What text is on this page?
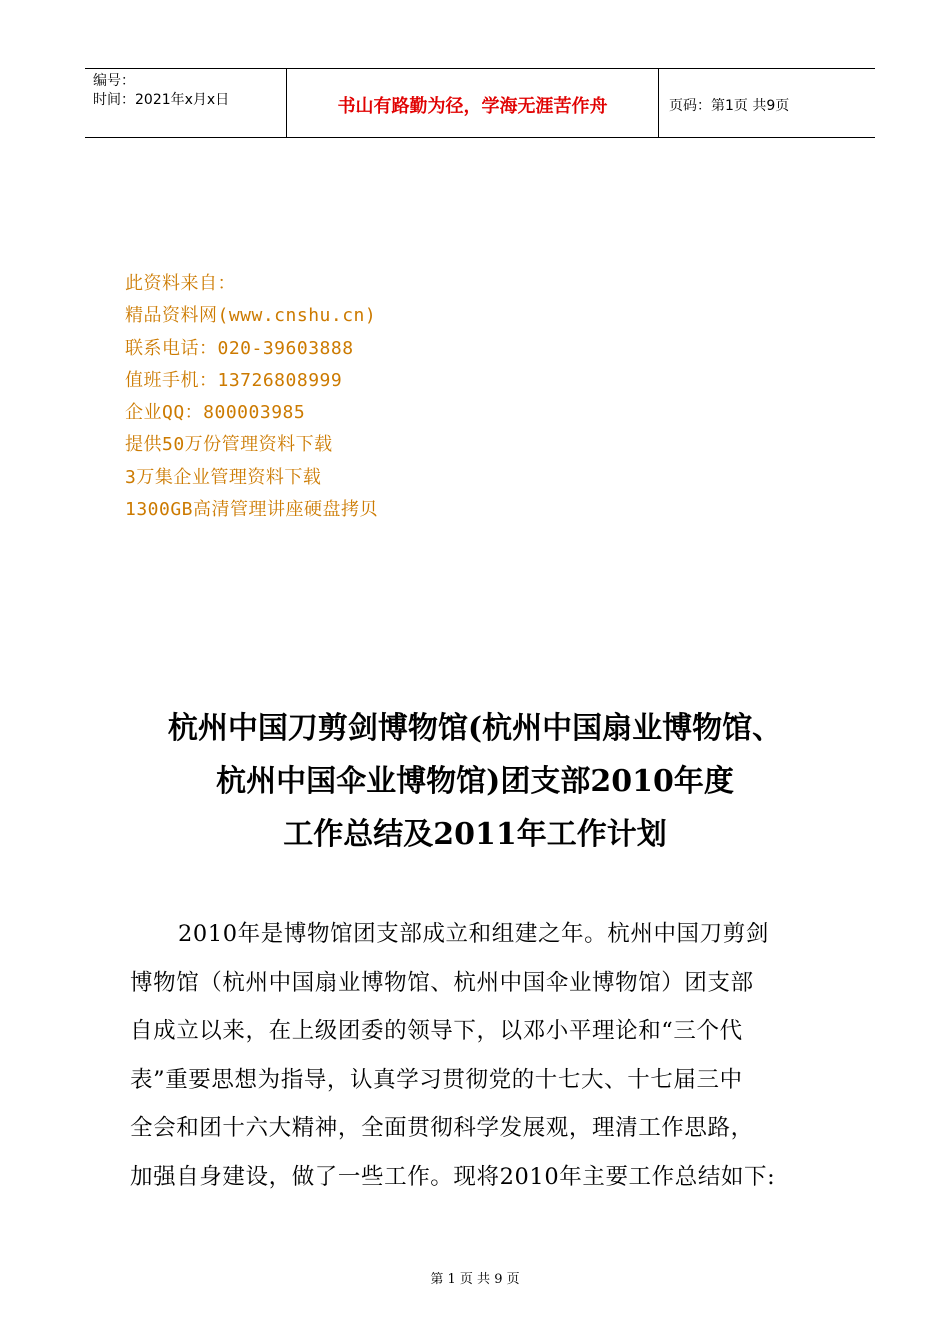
编号：
时间：2021年x月x日	书山有路勤为径，学海无涯苦作舟	页码：第1页 共9页
此资料来自：
精品资料网(www.cnshu.cn)
联系电话：020-39603888
值班手机：13726808999
企业QQ：800003985
提供50万份管理资料下载
3万集企业管理资料下载
1300GB高清管理讲座硬盘拷贝
杭州中国刀剪剑博物馆(杭州中国扇业博物馆、
杭州中国伞业博物馆)团支部2010年度
工作总结及2011年工作计划
2010年是博物馆团支部成立和组建之年。杭州中国刀剪剑
博物馆（杭州中国扇业博物馆、杭州中国伞业博物馆）团支部
自成立以来，在上级团委的领导下，以邓小平理论和“三个代
表”重要思想为指导，认真学习贯彻党的十七大、十七届三中
全会和团十六大精神，全面贯彻科学发展观，理清工作思路，
加强自身建设，做了一些工作。现将2010年主要工作总结如下:
第 1 页 共 9 页
